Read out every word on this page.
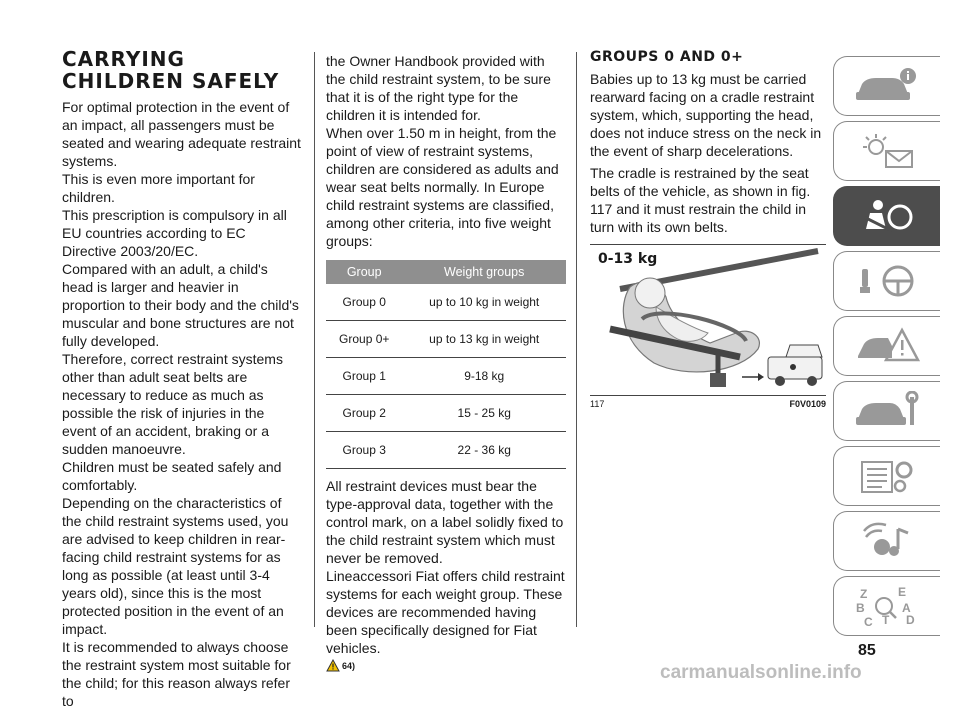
CARRYING CHILDREN SAFELY

For optimal protection in the event of an impact, all passengers must be seated and wearing adequate restraint systems.

This is even more important for children.

This prescription is compulsory in all EU countries according to EC Directive 2003/20/EC.

Compared with an adult, a child's head is larger and heavier in proportion to their body and the child's muscular and bone structures are not fully developed.

Therefore, correct restraint systems other than adult seat belts are necessary to reduce as much as possible the risk of injuries in the event of an accident, braking or a sudden manoeuvre.

Children must be seated safely and comfortably.

Depending on the characteristics of the child restraint systems used, you are advised to keep children in rear-facing child restraint systems for as long as possible (at least until 3-4 years old), since this is the most protected position in the event of an impact.

It is recommended to always choose the restraint system most suitable for the child; for this reason always refer to

the Owner Handbook provided with the child restraint system, to be sure that it is of the right type for the children it is intended for.

When over 1.50 m in height, from the point of view of restraint systems, children are considered as adults and wear seat belts normally. In Europe child restraint systems are classified, among other criteria, into five weight groups:

Group	Weight groups
Group 0	up to 10 kg in weight
Group 0+	up to 13 kg in weight
Group 1	9-18 kg
Group 2	15 - 25 kg
Group 3	22 - 36 kg

All restraint devices must bear the type-approval data, together with the control mark, on a label solidly fixed to the child restraint system which must never be removed.

Lineaccessori Fiat offers child restraint systems for each weight group. These devices are recommended having been specifically designed for Fiat vehicles.

64)
GROUPS 0 AND 0+

Babies up to 13 kg must be carried rearward facing on a cradle restraint system, which, supporting the head, does not induce stress on the neck in the event of sharp decelerations.

The cradle is restrained by the seat belts of the vehicle, as shown in fig. 117 and it must restrain the child in turn with its own belts.

0-13 kg
117	F0V0109
Z	E
B	A
C T D
85
carmanualsonline.info
